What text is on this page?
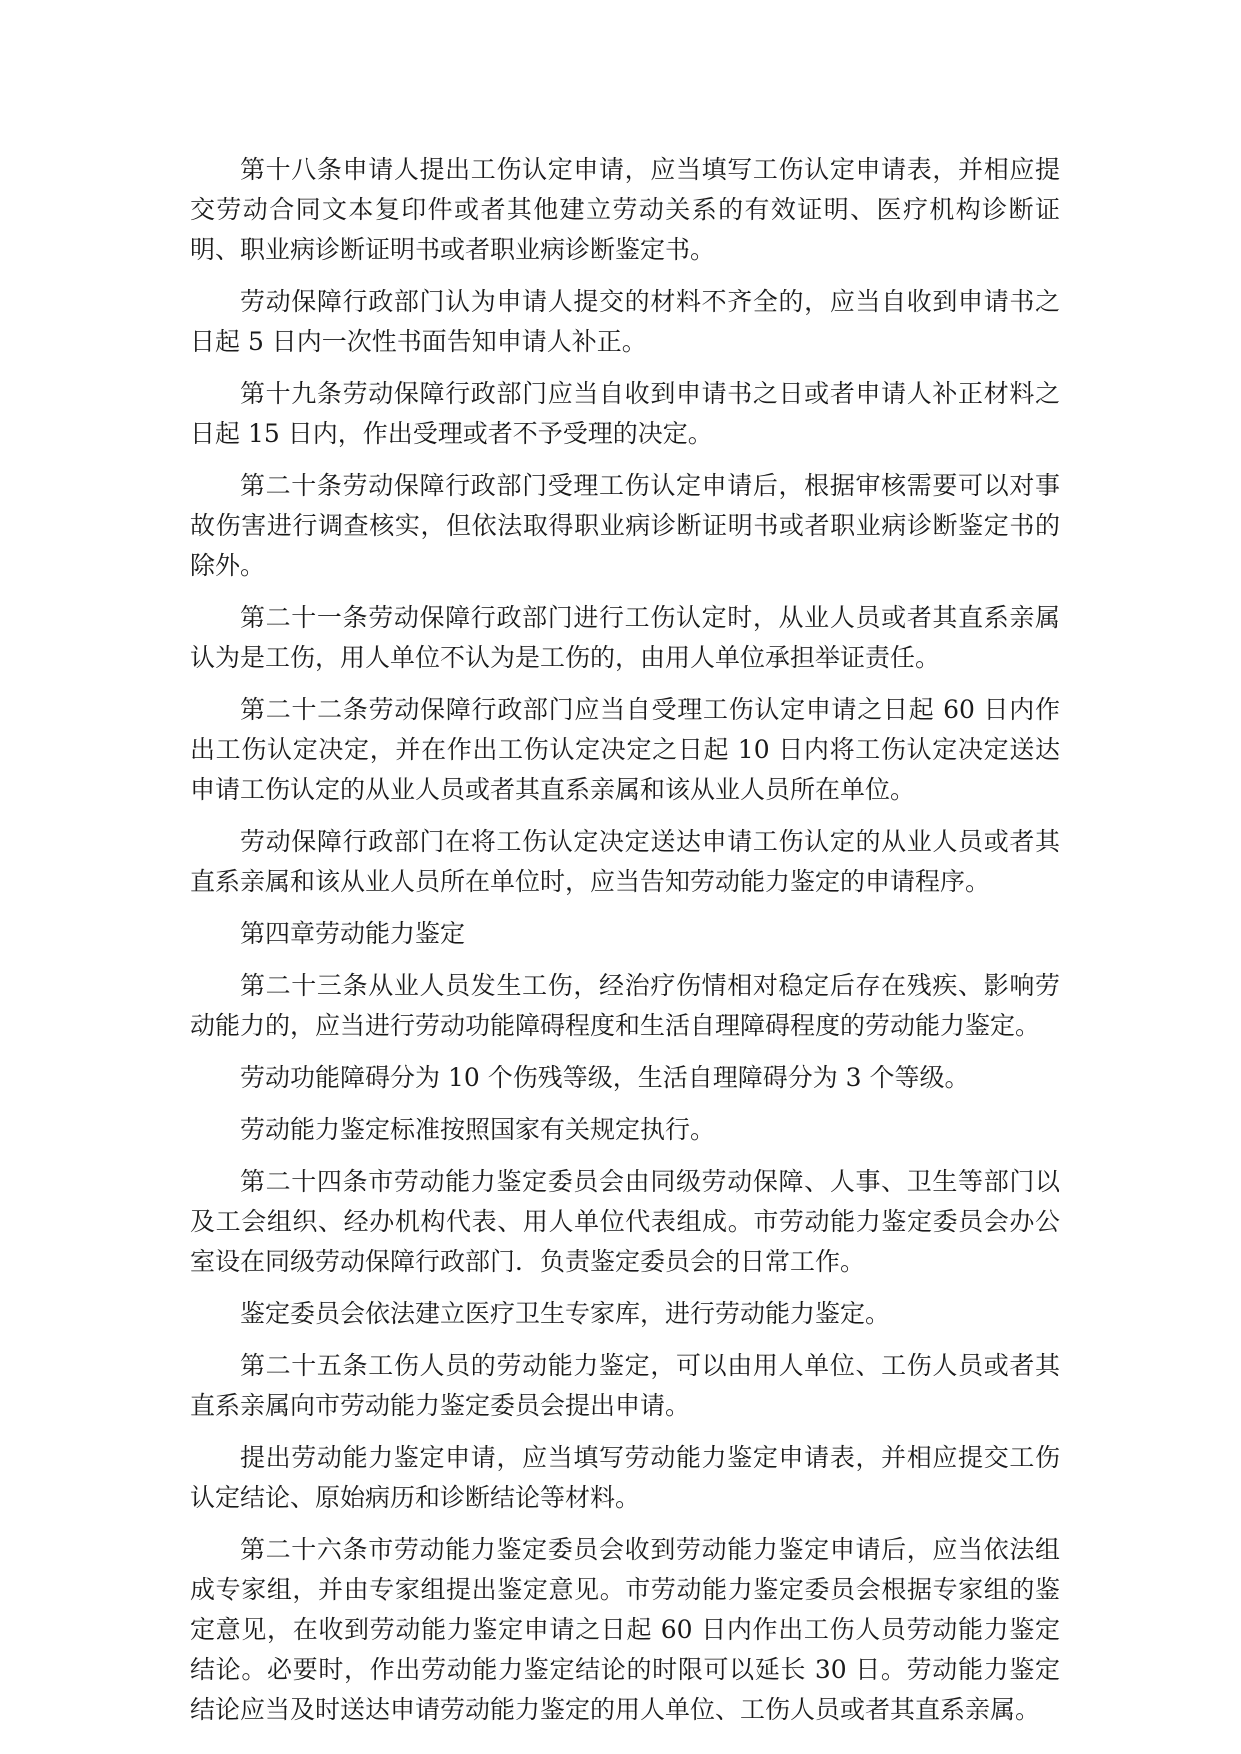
第十八条申请人提出工伤认定申请，应当填写工伤认定申请表，并相应提交劳动合同文本复印件或者其他建立劳动关系的有效证明、医疗机构诊断证明、职业病诊断证明书或者职业病诊断鉴定书。

劳动保障行政部门认为申请人提交的材料不齐全的，应当自收到申请书之日起 5 日内一次性书面告知申请人补正。

第十九条劳动保障行政部门应当自收到申请书之日或者申请人补正材料之日起 15 日内，作出受理或者不予受理的决定。

第二十条劳动保障行政部门受理工伤认定申请后，根据审核需要可以对事故伤害进行调查核实，但依法取得职业病诊断证明书或者职业病诊断鉴定书的除外。

第二十一条劳动保障行政部门进行工伤认定时，从业人员或者其直系亲属认为是工伤，用人单位不认为是工伤的，由用人单位承担举证责任。

第二十二条劳动保障行政部门应当自受理工伤认定申请之日起 60 日内作出工伤认定决定，并在作出工伤认定决定之日起 10 日内将工伤认定决定送达申请工伤认定的从业人员或者其直系亲属和该从业人员所在单位。

劳动保障行政部门在将工伤认定决定送达申请工伤认定的从业人员或者其直系亲属和该从业人员所在单位时，应当告知劳动能力鉴定的申请程序。

第四章劳动能力鉴定

第二十三条从业人员发生工伤，经治疗伤情相对稳定后存在残疾、影响劳动能力的，应当进行劳动功能障碍程度和生活自理障碍程度的劳动能力鉴定。

劳动功能障碍分为 10 个伤残等级，生活自理障碍分为 3 个等级。

劳动能力鉴定标准按照国家有关规定执行。

第二十四条市劳动能力鉴定委员会由同级劳动保障、人事、卫生等部门以及工会组织、经办机构代表、用人单位代表组成。市劳动能力鉴定委员会办公室设在同级劳动保障行政部门．负责鉴定委员会的日常工作。

鉴定委员会依法建立医疗卫生专家库，进行劳动能力鉴定。

第二十五条工伤人员的劳动能力鉴定，可以由用人单位、工伤人员或者其直系亲属向市劳动能力鉴定委员会提出申请。

提出劳动能力鉴定申请，应当填写劳动能力鉴定申请表，并相应提交工伤认定结论、原始病历和诊断结论等材料。

第二十六条市劳动能力鉴定委员会收到劳动能力鉴定申请后，应当依法组成专家组，并由专家组提出鉴定意见。市劳动能力鉴定委员会根据专家组的鉴定意见，在收到劳动能力鉴定申请之日起 60 日内作出工伤人员劳动能力鉴定结论。必要时，作出劳动能力鉴定结论的时限可以延长 30 日。劳动能力鉴定结论应当及时送达申请劳动能力鉴定的用人单位、工伤人员或者其直系亲属。
